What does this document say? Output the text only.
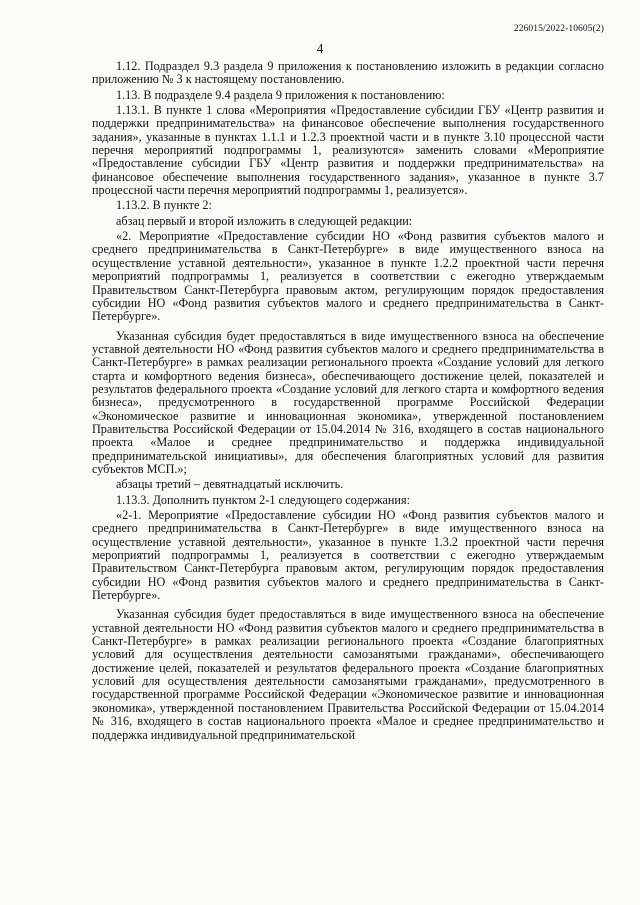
226015/2022-10605(2)
4

1.12. Подраздел 9.3 раздела 9 приложения к постановлению изложить в редакции согласно приложению № 3 к настоящему постановлению.

1.13. В подразделе 9.4 раздела 9 приложения к постановлению:

1.13.1. В пункте 1 слова «Мероприятия «Предоставление субсидии ГБУ «Центр развития и поддержки предпринимательства» на финансовое обеспечение выполнения государственного задания», указанные в пунктах 1.1.1 и 1.2.3 проектной части и в пункте 3.10 процессной части перечня мероприятий подпрограммы 1, реализуются» заменить словами «Мероприятие «Предоставление субсидии ГБУ «Центр развития и поддержки предпринимательства» на финансовое обеспечение выполнения государственного задания», указанное в пункте 3.7 процессной части перечня мероприятий подпрограммы 1, реализуется».

1.13.2. В пункте 2:

абзац первый и второй изложить в следующей редакции:

«2. Мероприятие «Предоставление субсидии НО «Фонд развития субъектов малого и среднего предпринимательства в Санкт-Петербурге» в виде имущественного взноса на осуществление уставной деятельности», указанное в пункте 1.2.2 проектной части перечня мероприятий подпрограммы 1, реализуется в соответствии с ежегодно утверждаемым Правительством Санкт-Петербурга правовым актом, регулирующим порядок предоставления субсидии НО «Фонд развития субъектов малого и среднего предпринимательства в Санкт-Петербурге».

Указанная субсидия будет предоставляться в виде имущественного взноса на обеспечение уставной деятельности НО «Фонд развития субъектов малого и среднего предпринимательства в Санкт-Петербурге» в рамках реализации регионального проекта «Создание условий для легкого старта и комфортного ведения бизнеса», обеспечивающего достижение целей, показателей и результатов федерального проекта «Создание условий для легкого старта и комфортного ведения бизнеса», предусмотренного в государственной программе Российской Федерации «Экономическое развитие и инновационная экономика», утвержденной постановлением Правительства Российской Федерации от 15.04.2014 № 316, входящего в состав национального проекта «Малое и среднее предпринимательство и поддержка индивидуальной предпринимательской инициативы», для обеспечения благоприятных условий для развития субъектов МСП.»;

абзацы третий – девятнадцатый исключить.

1.13.3. Дополнить пунктом 2-1 следующего содержания:

«2-1. Мероприятие «Предоставление субсидии НО «Фонд развития субъектов малого и среднего предпринимательства в Санкт-Петербурге» в виде имущественного взноса на осуществление уставной деятельности», указанное в пункте 1.3.2 проектной части перечня мероприятий подпрограммы 1, реализуется в соответствии с ежегодно утверждаемым Правительством Санкт-Петербурга правовым актом, регулирующим порядок предоставления субсидии НО «Фонд развития субъектов малого и среднего предпринимательства в Санкт-Петербурге».

Указанная субсидия будет предоставляться в виде имущественного взноса на обеспечение уставной деятельности НО «Фонд развития субъектов малого и среднего предпринимательства в Санкт-Петербурге» в рамках реализации регионального проекта «Создание благоприятных условий для осуществления деятельности самозанятыми гражданами», обеспечивающего достижение целей, показателей и результатов федерального проекта «Создание благоприятных условий для осуществления деятельности самозанятыми гражданами», предусмотренного в государственной программе Российской Федерации «Экономическое развитие и инновационная экономика», утвержденной постановлением Правительства Российской Федерации от 15.04.2014 № 316, входящего в состав национального проекта «Малое и среднее предпринимательство и поддержка индивидуальной предпринимательской
